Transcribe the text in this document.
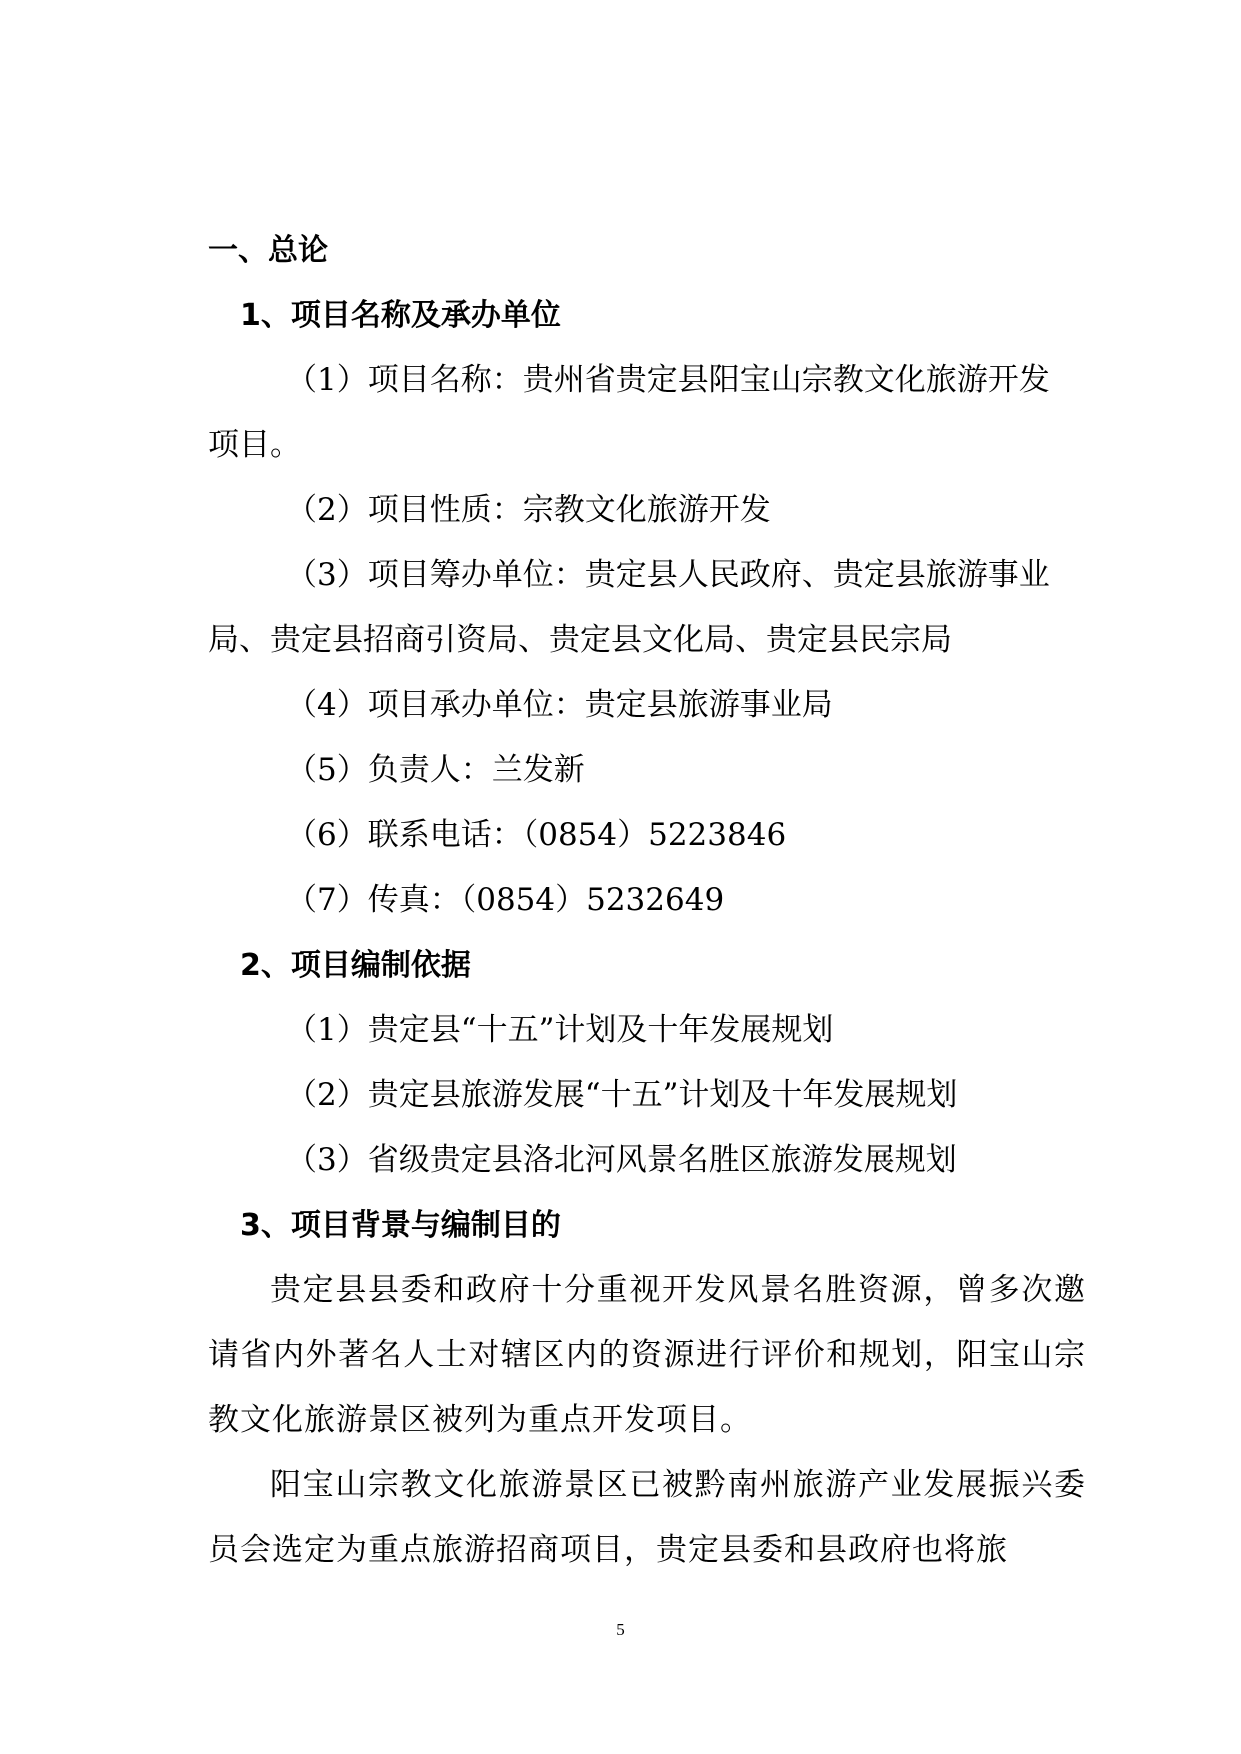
一、总论
1、项目名称及承办单位
（1）项目名称：贵州省贵定县阳宝山宗教文化旅游开发
项目。
（2）项目性质：宗教文化旅游开发
（3）项目筹办单位：贵定县人民政府、贵定县旅游事业
局、贵定县招商引资局、贵定县文化局、贵定县民宗局
（4）项目承办单位：贵定县旅游事业局
（5）负责人：兰发新
（6）联系电话：（0854）5223846
（7）传真：（0854）5232649
2、项目编制依据
（1）贵定县“十五”计划及十年发展规划
（2）贵定县旅游发展“十五”计划及十年发展规划
（3）省级贵定县洛北河风景名胜区旅游发展规划
3、项目背景与编制目的
贵定县县委和政府十分重视开发风景名胜资源，曾多次邀请省内外著名人士对辖区内的资源进行评价和规划，阳宝山宗教文化旅游景区被列为重点开发项目。
阳宝山宗教文化旅游景区已被黔南州旅游产业发展振兴委员会选定为重点旅游招商项目，贵定县委和县政府也将旅
5
